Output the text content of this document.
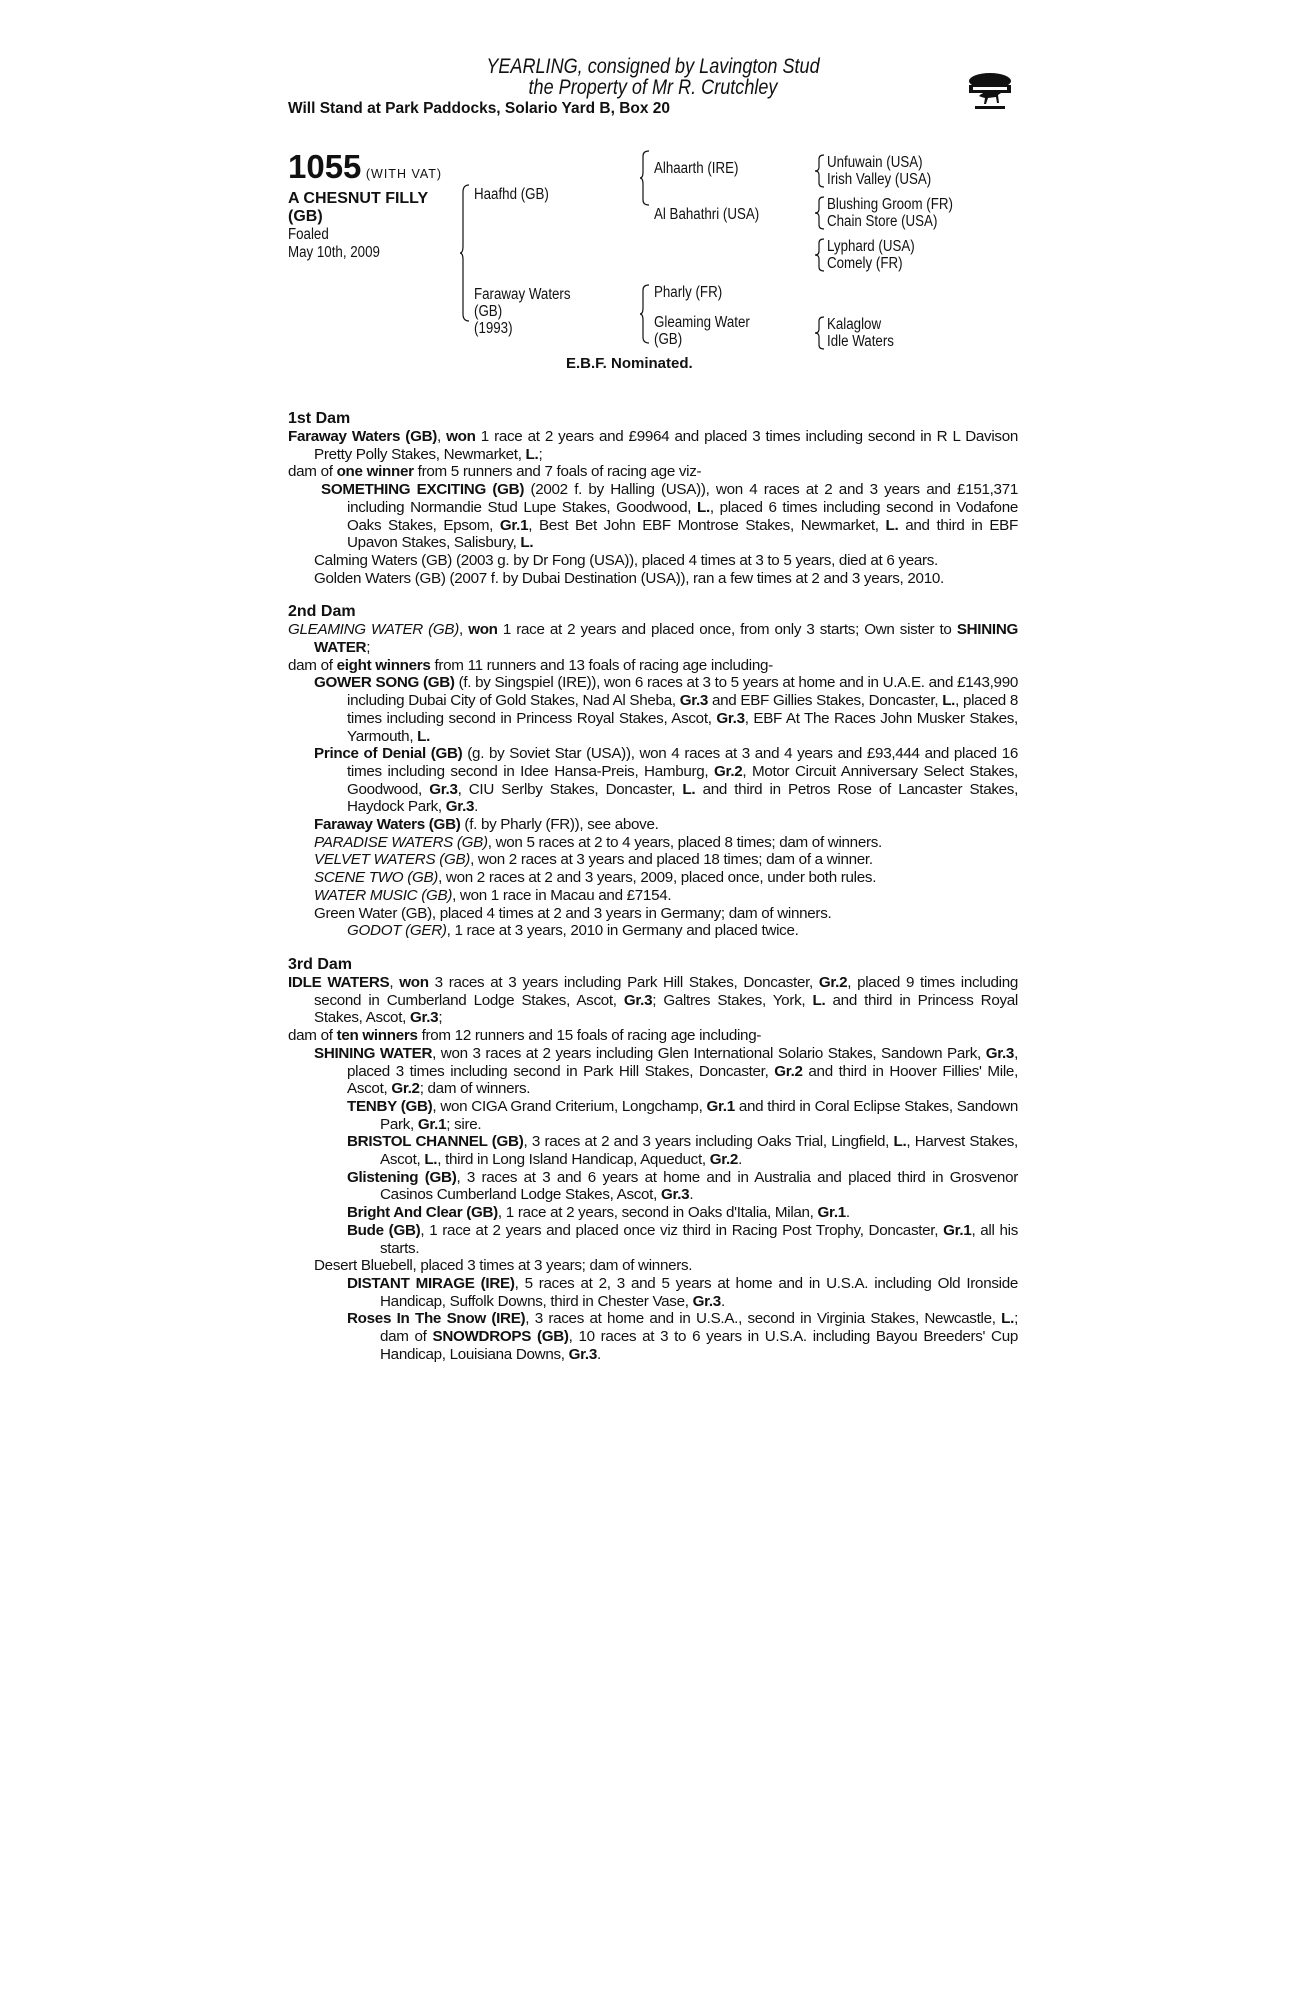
YEARLING, consigned by Lavington Stud
the Property of Mr R. Crutchley
Will Stand at Park Paddocks, Solario Yard B, Box 20
1055 (WITH VAT)
A CHESNUT FILLY
(GB)
Foaled
May 10th, 2009
Haafhd (GB)
Faraway Waters
(GB)
(1993)
Alhaarth (IRE)
Al Bahathri (USA)
Pharly (FR)
Gleaming Water
(GB)
Unfuwain (USA)
Irish Valley (USA)
Blushing Groom (FR)
Chain Store (USA)
Lyphard (USA)
Comely (FR)
Kalaglow
Idle Waters
E.B.F. Nominated.
1st Dam
Faraway Waters (GB), won 1 race at 2 years and £9964 and placed 3 times including second in R L Davison Pretty Polly Stakes, Newmarket, L.;
dam of one winner from 5 runners and 7 foals of racing age viz-
SOMETHING EXCITING (GB) (2002 f. by Halling (USA)), won 4 races at 2 and 3 years and £151,371 including Normandie Stud Lupe Stakes, Goodwood, L., placed 6 times including second in Vodafone Oaks Stakes, Epsom, Gr.1, Best Bet John EBF Montrose Stakes, Newmarket, L. and third in EBF Upavon Stakes, Salisbury, L.
Calming Waters (GB) (2003 g. by Dr Fong (USA)), placed 4 times at 3 to 5 years, died at 6 years.
Golden Waters (GB) (2007 f. by Dubai Destination (USA)), ran a few times at 2 and 3 years, 2010.
2nd Dam
GLEAMING WATER (GB), won 1 race at 2 years and placed once, from only 3 starts; Own sister to SHINING WATER;
dam of eight winners from 11 runners and 13 foals of racing age including-
GOWER SONG (GB) (f. by Singspiel (IRE)), won 6 races at 3 to 5 years at home and in U.A.E. and £143,990 including Dubai City of Gold Stakes, Nad Al Sheba, Gr.3 and EBF Gillies Stakes, Doncaster, L., placed 8 times including second in Princess Royal Stakes, Ascot, Gr.3, EBF At The Races John Musker Stakes, Yarmouth, L.
Prince of Denial (GB) (g. by Soviet Star (USA)), won 4 races at 3 and 4 years and £93,444 and placed 16 times including second in Idee Hansa-Preis, Hamburg, Gr.2, Motor Circuit Anniversary Select Stakes, Goodwood, Gr.3, CIU Serlby Stakes, Doncaster, L. and third in Petros Rose of Lancaster Stakes, Haydock Park, Gr.3.
Faraway Waters (GB) (f. by Pharly (FR)), see above.
PARADISE WATERS (GB), won 5 races at 2 to 4 years, placed 8 times; dam of winners.
VELVET WATERS (GB), won 2 races at 3 years and placed 18 times; dam of a winner.
SCENE TWO (GB), won 2 races at 2 and 3 years, 2009, placed once, under both rules.
WATER MUSIC (GB), won 1 race in Macau and £7154.
Green Water (GB), placed 4 times at 2 and 3 years in Germany; dam of winners.
GODOT (GER), 1 race at 3 years, 2010 in Germany and placed twice.
3rd Dam
IDLE WATERS, won 3 races at 3 years including Park Hill Stakes, Doncaster, Gr.2, placed 9 times including second in Cumberland Lodge Stakes, Ascot, Gr.3; Galtres Stakes, York, L. and third in Princess Royal Stakes, Ascot, Gr.3;
dam of ten winners from 12 runners and 15 foals of racing age including-
SHINING WATER, won 3 races at 2 years including Glen International Solario Stakes, Sandown Park, Gr.3, placed 3 times including second in Park Hill Stakes, Doncaster, Gr.2 and third in Hoover Fillies' Mile, Ascot, Gr.2; dam of winners.
TENBY (GB), won CIGA Grand Criterium, Longchamp, Gr.1 and third in Coral Eclipse Stakes, Sandown Park, Gr.1; sire.
BRISTOL CHANNEL (GB), 3 races at 2 and 3 years including Oaks Trial, Lingfield, L., Harvest Stakes, Ascot, L., third in Long Island Handicap, Aqueduct, Gr.2.
Glistening (GB), 3 races at 3 and 6 years at home and in Australia and placed third in Grosvenor Casinos Cumberland Lodge Stakes, Ascot, Gr.3.
Bright And Clear (GB), 1 race at 2 years, second in Oaks d'Italia, Milan, Gr.1.
Bude (GB), 1 race at 2 years and placed once viz third in Racing Post Trophy, Doncaster, Gr.1, all his starts.
Desert Bluebell, placed 3 times at 3 years; dam of winners.
DISTANT MIRAGE (IRE), 5 races at 2, 3 and 5 years at home and in U.S.A. including Old Ironside Handicap, Suffolk Downs, third in Chester Vase, Gr.3.
Roses In The Snow (IRE), 3 races at home and in U.S.A., second in Virginia Stakes, Newcastle, L.; dam of SNOWDROPS (GB), 10 races at 3 to 6 years in U.S.A. including Bayou Breeders' Cup Handicap, Louisiana Downs, Gr.3.
